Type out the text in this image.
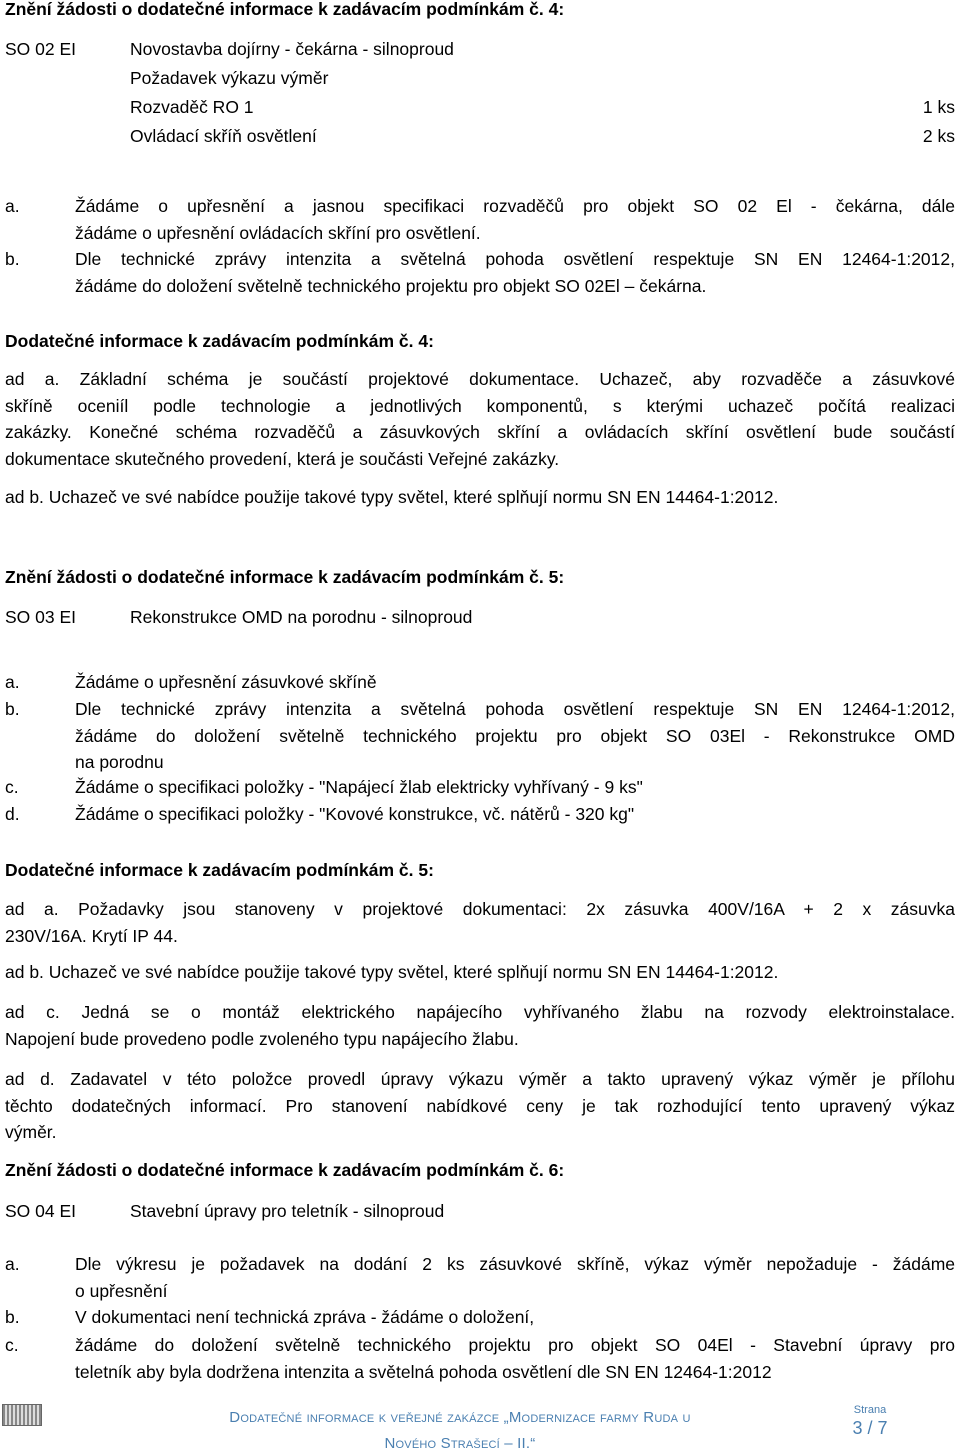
Znění žádosti o dodatečné informace k zadávacím podmínkám č. 4:
SO 02 EI	Novostavba dojírny - čekárna - silnoproud
Požadavek výkazu výměr
Rozvaděč RO 1	1 ks
Ovládací skříň osvětlení	2 ks
a.	Žádáme o upřesnění a jasnou specifikaci rozvaděčů pro objekt SO 02 El - čekárna, dále
žádáme o upřesnění ovládacích skříní pro osvětlení.
b.	Dle technické zprávy intenzita a světelná pohoda osvětlení respektuje SN EN 12464-1:2012,
žádáme do doložení světelně technického projektu pro objekt SO 02El – čekárna.
Dodatečné informace k zadávacím podmínkám č. 4:
ad a. Základní schéma je součástí projektové dokumentace. Uchazeč, aby rozvaděče a zásuvkové
skříně oceniíl podle technologie a jednotlivých komponentů, s kterými uchazeč počítá realizaci
zakázky. Konečné schéma rozvaděčů a zásuvkových skříní a ovládacích skříní osvětlení bude součástí
dokumentace skutečného provedení, která je součásti Veřejné zakázky.
ad b. Uchazeč ve své nabídce použije takové typy světel, které splňují normu SN EN 14464-1:2012.
Znění žádosti o dodatečné informace k zadávacím podmínkám č. 5:
SO 03 EI	Rekonstrukce OMD na porodnu - silnoproud
a.	Žádáme o upřesnění zásuvkové skříně
b.	Dle technické zprávy intenzita a světelná pohoda osvětlení respektuje SN EN 12464-1:2012,
žádáme do doložení světelně technického projektu pro objekt SO 03El - Rekonstrukce OMD
na porodnu
c.	Žádáme o specifikaci položky - "Napájecí žlab elektricky vyhřívaný - 9 ks"
d.	Žádáme o specifikaci položky - "Kovové konstrukce, vč. nátěrů - 320 kg"
Dodatečné informace k zadávacím podmínkám č. 5:
ad a. Požadavky jsou stanoveny v projektové dokumentaci: 2x zásuvka 400V/16A + 2 x zásuvka
230V/16A. Krytí IP 44.
ad b. Uchazeč ve své nabídce použije takové typy světel, které splňují normu SN EN 14464-1:2012.
ad c. Jedná se o montáž elektrického napájecího vyhřívaného žlabu na rozvody elektroinstalace.
Napojení bude provedeno podle zvoleného typu napájecího žlabu.
ad d. Zadavatel v této položce provedl úpravy výkazu výměr a takto upravený výkaz výměr je přílohu
těchto dodatečných informací. Pro stanovení nabídkové ceny je tak rozhodující tento upravený výkaz
výměr.
Znění žádosti o dodatečné informace k zadávacím podmínkám č. 6:
SO 04 EI	Stavební úpravy pro teletník - silnoproud
a.	Dle výkresu je požadavek na dodání 2 ks zásuvkové skříně, výkaz výměr nepožaduje - žádáme
o upřesnění
b.	V dokumentaci není technická zpráva - žádáme o doložení,
c.	žádáme do doložení světelně technického projektu pro objekt SO 04El - Stavební úpravy pro
teletník aby byla dodržena intenzita a světelná pohoda osvětlení dle SN EN 12464-1:2012
Dodatečné informace k veřejné zakázce „Modernizace farmy Ruda u
Nového Strašecí – II.“
Strana
3 / 7
